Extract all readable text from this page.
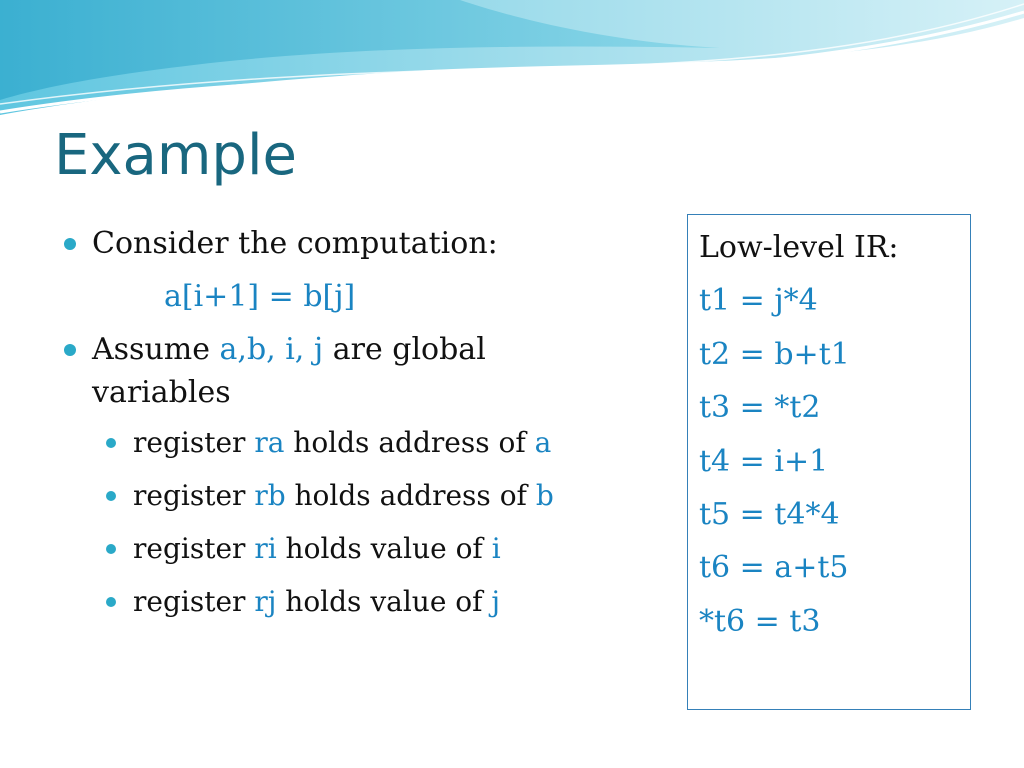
Example
Consider the computation:
a[i+1] = b[j]
Assume a,b, i, j are global
variables
register ra holds address of a
register rb holds address of b
register ri holds value of i
register rj holds value of j
Low-level IR:
t1 = j*4
t2 = b+t1
t3 = *t2
t4 = i+1
t5 = t4*4
t6 = a+t5
*t6 = t3
